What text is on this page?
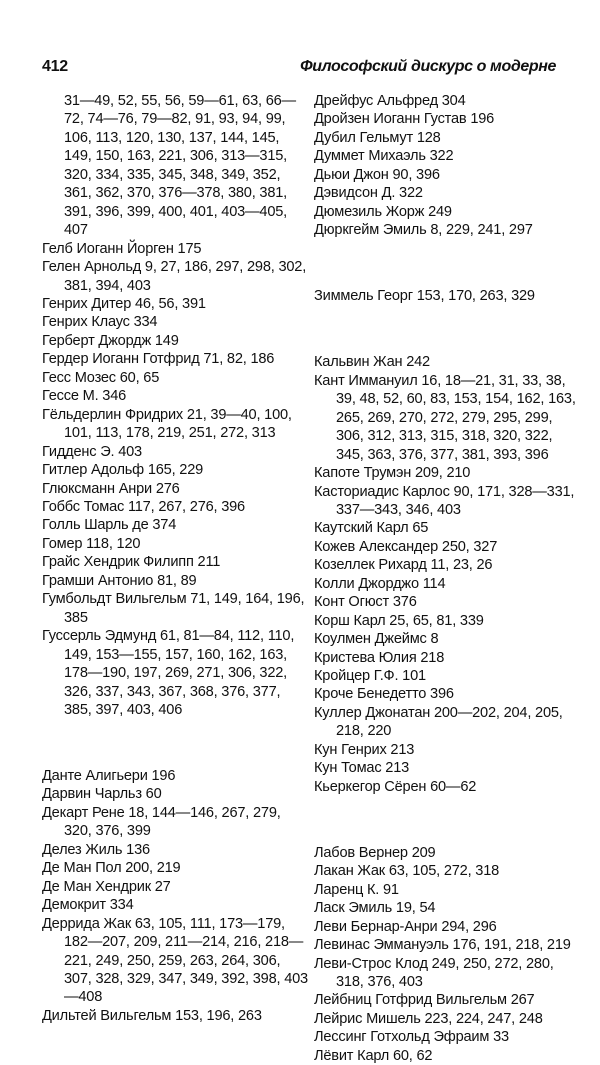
412	Философский дискурс о модерне

31—49, 52, 55, 56, 59—61, 63, 66—72, 74—76, 79—82, 91, 93, 94, 99, 106, 113, 120, 130, 137, 144, 145, 149, 150, 163, 221, 306, 313—315, 320, 334, 335, 345, 348, 349, 352, 361, 362, 370, 376—378, 380, 381, 391, 396, 399, 400, 401, 403—405, 407

Гелб Иоганн Йорген 175

Гелен Арнольд 9, 27, 186, 297, 298, 302, 381, 394, 403

Генрих Дитер 46, 56, 391

Генрих Клаус 334

Герберт Джордж 149

Гердер Иоганн Готфрид 71, 82, 186

Гесс Мозес 60, 65

Гессе М. 346

Гёльдерлин Фридрих 21, 39—40, 100, 101, 113, 178, 219, 251, 272, 313

Гидденс Э. 403

Гитлер Адольф 165, 229

Глюксманн Анри 276

Гоббс Томас 117, 267, 276, 396

Голль Шарль де 374

Гомер 118, 120

Грайс Хендрик Филипп 211

Грамши Антонио 81, 89

Гумбольдт Вильгельм 71, 149, 164, 196, 385

Гуссерль Эдмунд 61, 81—84, 112, 110, 149, 153—155, 157, 160, 162, 163, 178—190, 197, 269, 271, 306, 322, 326, 337, 343, 367, 368, 376, 377, 385, 397, 403, 406

Данте Алигьери 196

Дарвин Чарльз 60

Декарт Рене 18, 144—146, 267, 279, 320, 376, 399

Делез Жиль 136

Де Ман Пол 200, 219

Де Ман Хендрик 27

Демокрит 334

Деррида Жак 63, 105, 111, 173—179, 182—207, 209, 211—214, 216, 218—221, 249, 250, 259, 263, 264, 306, 307, 328, 329, 347, 349, 392, 398, 403—408

Дильтей Вильгельм 153, 196, 263

Дрейфус Альфред 304

Дройзен Иоганн Густав 196

Дубил Гельмут 128

Думмет Михаэль 322

Дьюи Джон 90, 396

Дэвидсон Д. 322

Дюмезиль Жорж 249

Дюркгейм Эмиль 8, 229, 241, 297

Зиммель Георг 153, 170, 263, 329

Кальвин Жан 242

Кант Иммануил 16, 18—21, 31, 33, 38, 39, 48, 52, 60, 83, 153, 154, 162, 163, 265, 269, 270, 272, 279, 295, 299, 306, 312, 313, 315, 318, 320, 322, 345, 363, 376, 377, 381, 393, 396

Капоте Трумэн 209, 210

Касториадис Карлос 90, 171, 328—331, 337—343, 346, 403

Каутский Карл 65

Кожев Александер 250, 327

Козеллек Рихард 11, 23, 26

Колли Джорджо 114

Конт Огюст 376

Корш Карл 25, 65, 81, 339

Коулмен Джеймс 8

Кристева Юлия 218

Кройцер Г.Ф. 101

Кроче Бенедетто 396

Куллер Джонатан 200—202, 204, 205, 218, 220

Кун Генрих 213

Кун Томас 213

Кьеркегор Сёрен 60—62

Лабов Вернер 209

Лакан Жак 63, 105, 272, 318

Ларенц К. 91

Ласк Эмиль 19, 54

Леви Бернар-Анри 294, 296

Левинас Эммануэль 176, 191, 218, 219

Леви-Строс Клод 249, 250, 272, 280, 318, 376, 403

Лейбниц Готфрид Вильгельм 267

Лейрис Мишель 223, 224, 247, 248

Лессинг Готхольд Эфраим 33

Лёвит Карл 60, 62
